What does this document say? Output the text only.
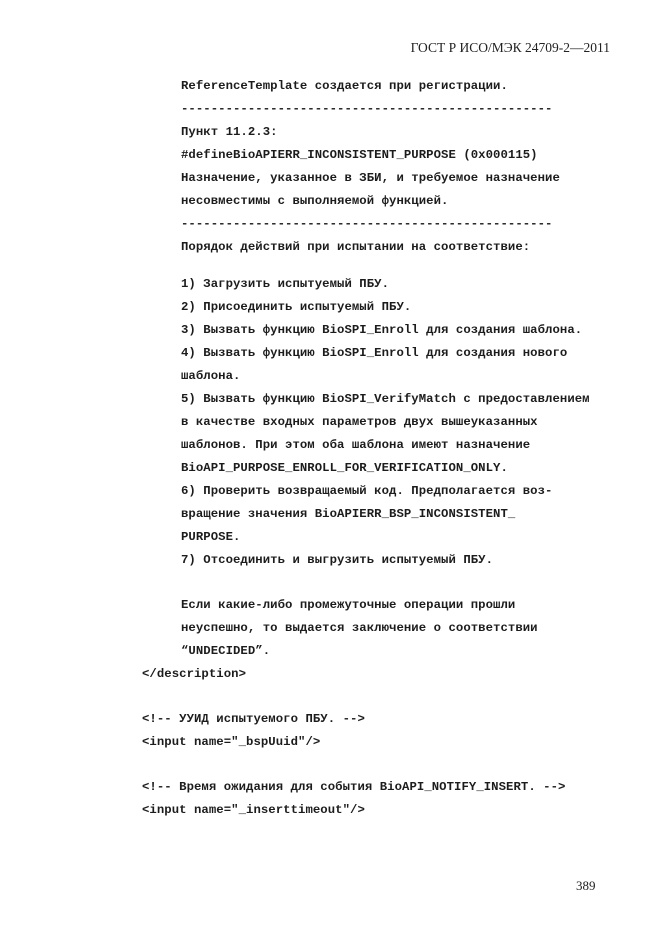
ГОСТ Р ИСО/МЭК 24709-2—2011
ReferenceTemplate создается при регистрации.
--------------------------------------------------
Пункт 11.2.3:
#defineBioAPIERR_INCONSISTENT_PURPOSE (0x000115)
Назначение, указанное в ЗБИ, и требуемое назначение
несовместимы с выполняемой функцией.
--------------------------------------------------
Порядок действий при испытании на соответствие:
1) Загрузить испытуемый ПБУ.
2) Присоединить испытуемый ПБУ.
3) Вызвать функцию BioSPI_Enroll для создания шаблона.
4) Вызвать функцию BioSPI_Enroll для создания нового
шаблона.
5) Вызвать функцию BioSPI_VerifyMatch с предоставлением
в качестве входных параметров двух вышеуказанных
шаблонов. При этом оба шаблона имеют назначение
BioAPI_PURPOSE_ENROLL_FOR_VERIFICATION_ONLY.
6) Проверить возвращаемый код. Предполагается воз-
вращение значения BioAPIERR_BSP_INCONSISTENT_
PURPOSE.
7) Отсоединить и выгрузить испытуемый ПБУ.
Если какие-либо промежуточные операции прошли
неуспешно, то выдается заключение о соответствии
“UNDECIDED”.
</description>
<!-- УУИД испытуемого ПБУ. -->
<input name="_bspUuid"/>
<!-- Время ожидания для события BioAPI_NOTIFY_INSERT. -->
<input name="_inserttimeout"/>
389
